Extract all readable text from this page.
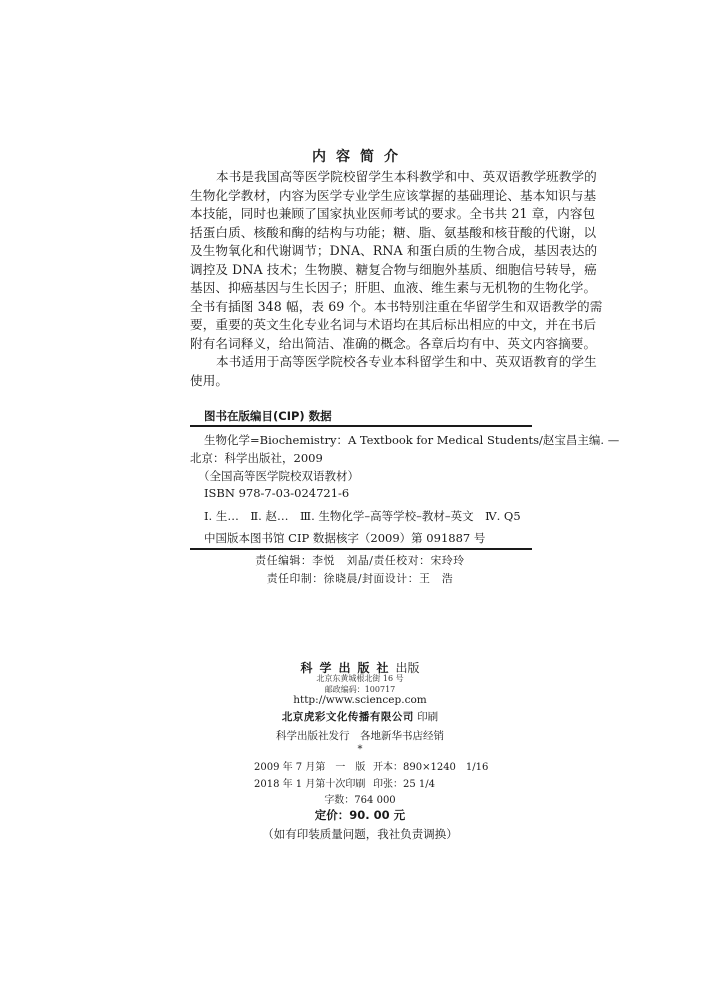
内容简介
本书是我国高等医学院校留学生本科教学和中、英双语教学班教学的
生物化学教材，内容为医学专业学生应该掌握的基础理论、基本知识与基
本技能，同时也兼顾了国家执业医师考试的要求。全书共 21 章，内容包
括蛋白质、核酸和酶的结构与功能；糖、脂、氨基酸和核苷酸的代谢，以
及生物氧化和代谢调节；DNA、RNA 和蛋白质的生物合成，基因表达的
调控及 DNA 技术；生物膜、糖复合物与细胞外基质、细胞信号转导，癌
基因、抑癌基因与生长因子；肝胆、血液、维生素与无机物的生物化学。
全书有插图 348 幅，表 69 个。本书特别注重在华留学生和双语教学的需
要，重要的英文生化专业名词与术语均在其后标出相应的中文，并在书后
附有名词释义，给出简洁、准确的概念。各章后均有中、英文内容摘要。
本书适用于高等医学院校各专业本科留学生和中、英双语教育的学生
使用。
图书在版编目(CIP) 数据
生物化学=Biochemistry：A Textbook for Medical Students/赵宝昌主编. —
北京：科学出版社，2009
（全国高等医学院校双语教材）
ISBN 978-7-03-024721-6
Ⅰ. 生…　Ⅱ. 赵…　Ⅲ. 生物化学–高等学校–教材–英文　Ⅳ. Q5
中国版本图书馆 CIP 数据核字（2009）第 091887 号
责任编辑：李悦　刘晶/责任校对：宋玲玲
责任印制：徐晓晨/封面设计：王　浩
科学出版社出版
北京东黄城根北街 16 号
邮政编码：100717
http://www.sciencep.com
北京虎彩文化传播有限公司 印刷
科学出版社发行　各地新华书店经销
*
2009 年 7 月第　一　版 开本：890×1240　1/16
2018 年 1 月第十次印刷 印张：25 1/4
字数：764 000
定价：90. 00 元
（如有印装质量问题，我社负责调换）
